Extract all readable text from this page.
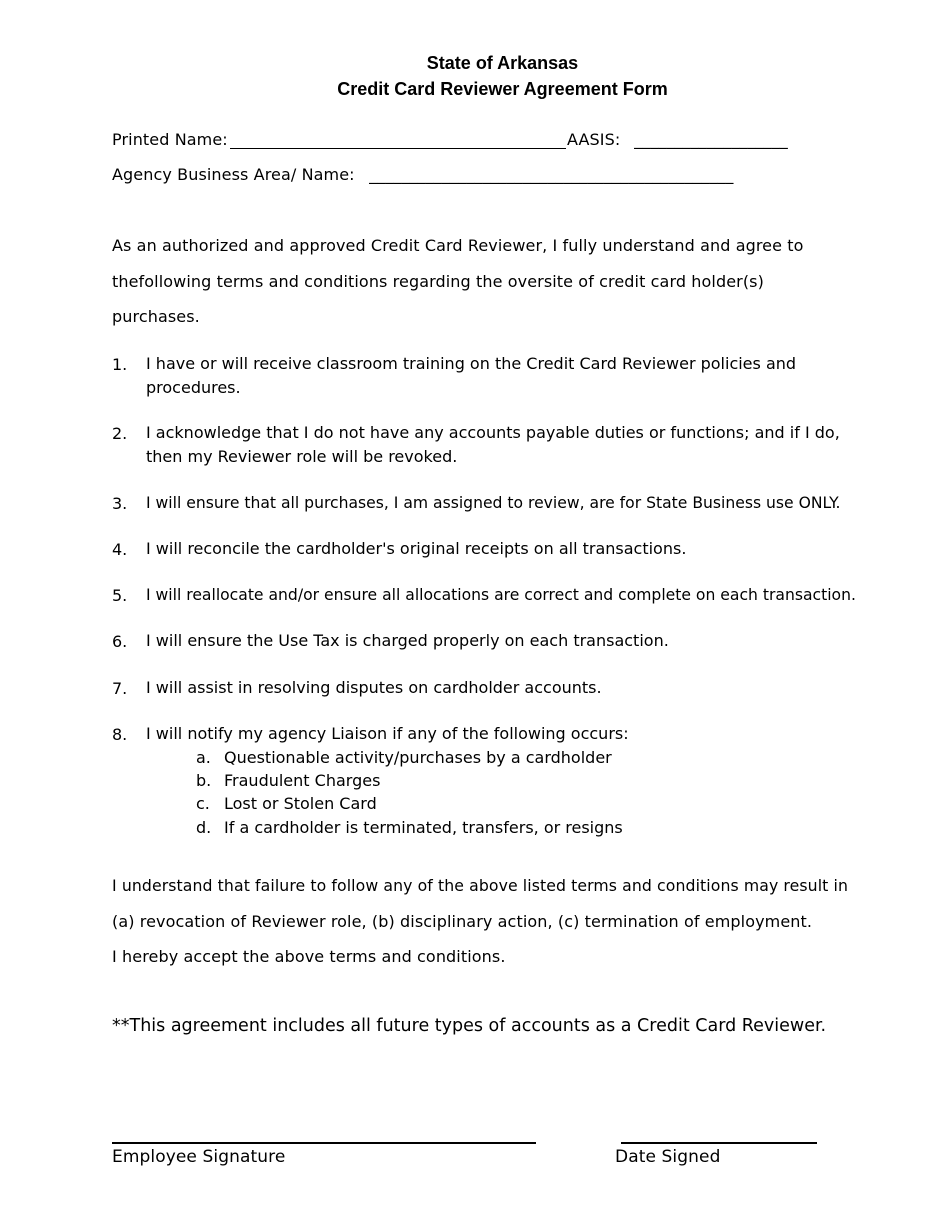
State of Arkansas
Credit Card Reviewer Agreement Form
Printed Name:	AASIS: ___________________
Agency Business Area/ Name: _____________________________________________
As an authorized and approved Credit Card Reviewer, I fully understand and agree to
thefollowing terms and conditions regarding the oversite of credit card holder(s)
purchases.
1. I have or will receive classroom training on the Credit Card Reviewer policies and
procedures.
2. I acknowledge that I do not have any accounts payable duties or functions; and if I do,
then my Reviewer role will be revoked.
3. I will ensure that all purchases, I am assigned to review, are for State Business use ONLY.
4. I will reconcile the cardholder's original receipts on all transactions.
5. I will reallocate and/or ensure all allocations are correct and complete on each transaction.
6. I will ensure the Use Tax is charged properly on each transaction.
7. I will assist in resolving disputes on cardholder accounts.
8. I will notify my agency Liaison if any of the following occurs:
a. Questionable activity/purchases by a cardholder
b. Fraudulent Charges
c. Lost or Stolen Card
d. If a cardholder is terminated, transfers, or resigns
I understand that failure to follow any of the above listed terms and conditions may result in
(a) revocation of Reviewer role, (b) disciplinary action, (c) termination of employment.
I hereby accept the above terms and conditions.
**This agreement includes all future types of accounts as a Credit Card Reviewer.
Employee Signature	Date Signed
